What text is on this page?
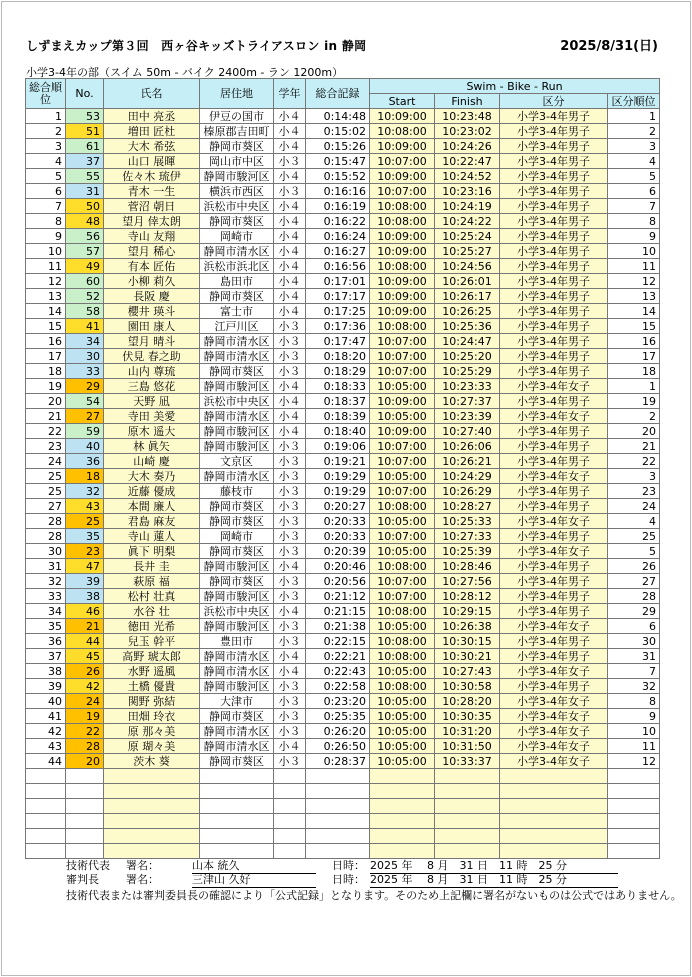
しずまえカップ第３回　西ヶ谷キッズトライアスロン in 静岡	2025/8/31(日)
小学3-4年の部（スイム 50m - バイク 2400m - ラン 1200m）
総合順位	No.	氏名	居住地	学年	総合記録	Swim - Bike - Run			
						Start	Finish	区分	区分順位
1	53	田中 亮丞	伊豆の国市	小４	0:14:48	10:09:00	10:23:48	小学3-4年男子	1
2	51	増田 匠杜	榛原郡吉田町	小４	0:15:02	10:08:00	10:23:02	小学3-4年男子	2
3	61	大木 希弦	静岡市葵区	小４	0:15:26	10:09:00	10:24:26	小学3-4年男子	3
4	37	山口 展暉	岡山市中区	小３	0:15:47	10:07:00	10:22:47	小学3-4年男子	4
5	55	佐々木 琉伊	静岡市駿河区	小４	0:15:52	10:09:00	10:24:52	小学3-4年男子	5
6	31	青木 一生	横浜市西区	小３	0:16:16	10:07:00	10:23:16	小学3-4年男子	6
7	50	菅沼 朝日	浜松市中央区	小４	0:16:19	10:08:00	10:24:19	小学3-4年男子	7
8	48	望月 倖太朗	静岡市葵区	小４	0:16:22	10:08:00	10:24:22	小学3-4年男子	8
9	56	寺山 友翔	岡崎市	小４	0:16:24	10:09:00	10:25:24	小学3-4年男子	9
10	57	望月 稀心	静岡市清水区	小４	0:16:27	10:09:00	10:25:27	小学3-4年男子	10
11	49	有本 匠佑	浜松市浜北区	小４	0:16:56	10:08:00	10:24:56	小学3-4年男子	11
12	60	小柳 莉久	島田市	小４	0:17:01	10:09:00	10:26:01	小学3-4年男子	12
13	52	長阪 慶	静岡市葵区	小４	0:17:17	10:09:00	10:26:17	小学3-4年男子	13
14	58	櫻井 瑛斗	富士市	小４	0:17:25	10:09:00	10:26:25	小学3-4年男子	14
15	41	園田 康人	江戸川区	小３	0:17:36	10:08:00	10:25:36	小学3-4年男子	15
16	34	望月 晴斗	静岡市清水区	小３	0:17:47	10:07:00	10:24:47	小学3-4年男子	16
17	30	伏見 春之助	静岡市清水区	小３	0:18:20	10:07:00	10:25:20	小学3-4年男子	17
18	33	山内 尊琉	静岡市葵区	小３	0:18:29	10:07:00	10:25:29	小学3-4年男子	18
19	29	三島 悠花	静岡市駿河区	小４	0:18:33	10:05:00	10:23:33	小学3-4年女子	1
20	54	天野 凪	浜松市中央区	小４	0:18:37	10:09:00	10:27:37	小学3-4年男子	19
21	27	寺田 美愛	静岡市清水区	小４	0:18:39	10:05:00	10:23:39	小学3-4年女子	2
22	59	原木 遥大	静岡市駿河区	小４	0:18:40	10:09:00	10:27:40	小学3-4年男子	20
23	40	林 眞矢	静岡市駿河区	小３	0:19:06	10:07:00	10:26:06	小学3-4年男子	21
24	36	山崎 慶	文京区	小３	0:19:21	10:07:00	10:26:21	小学3-4年男子	22
25	18	大木 奏乃	静岡市清水区	小３	0:19:29	10:05:00	10:24:29	小学3-4年女子	3
25	32	近藤 優成	藤枝市	小３	0:19:29	10:07:00	10:26:29	小学3-4年男子	23
27	43	本間 廉人	静岡市葵区	小３	0:20:27	10:08:00	10:28:27	小学3-4年男子	24
28	25	君島 麻友	静岡市葵区	小３	0:20:33	10:05:00	10:25:33	小学3-4年女子	4
28	35	寺山 蓮人	岡崎市	小３	0:20:33	10:07:00	10:27:33	小学3-4年男子	25
30	23	眞下 明梨	静岡市葵区	小３	0:20:39	10:05:00	10:25:39	小学3-4年女子	5
31	47	長井 圭	静岡市駿河区	小４	0:20:46	10:08:00	10:28:46	小学3-4年男子	26
32	39	萩原 福	静岡市葵区	小３	0:20:56	10:07:00	10:27:56	小学3-4年男子	27
33	38	松村 壮真	静岡市駿河区	小３	0:21:12	10:07:00	10:28:12	小学3-4年男子	28
34	46	水谷 壮	浜松市中央区	小４	0:21:15	10:08:00	10:29:15	小学3-4年男子	29
35	21	徳田 光希	静岡市駿河区	小３	0:21:38	10:05:00	10:26:38	小学3-4年女子	6
36	44	兒玉 幹平	豊田市	小３	0:22:15	10:08:00	10:30:15	小学3-4年男子	30
37	45	高野 琥太郎	静岡市清水区	小４	0:22:21	10:08:00	10:30:21	小学3-4年男子	31
38	26	水野 遥風	静岡市清水区	小４	0:22:43	10:05:00	10:27:43	小学3-4年女子	7
39	42	土橋 優貴	静岡市駿河区	小３	0:22:58	10:08:00	10:30:58	小学3-4年男子	32
40	24	関野 弥結	大津市	小３	0:23:20	10:05:00	10:28:20	小学3-4年女子	8
41	19	田畑 玲衣	静岡市葵区	小３	0:25:35	10:05:00	10:30:35	小学3-4年女子	9
42	22	原 那々美	静岡市清水区	小３	0:26:20	10:05:00	10:31:20	小学3-4年女子	10
43	28	原 瑚々美	静岡市清水区	小４	0:26:50	10:05:00	10:31:50	小学3-4年女子	11
44	20	茨木 葵	静岡市葵区	小３	0:28:37	10:05:00	10:33:37	小学3-4年女子	12

技術代表 署名：	山本 統久	日時： 2025 年　 8 月　31 日　11 時　25 分
審判長 署名：	三津山 久好	日時： 2025 年　 8 月　31 日　11 時　25 分
技術代表または審判委員長の確認により「公式記録」となります。そのため上記欄に署名がないものは公式ではありません。
